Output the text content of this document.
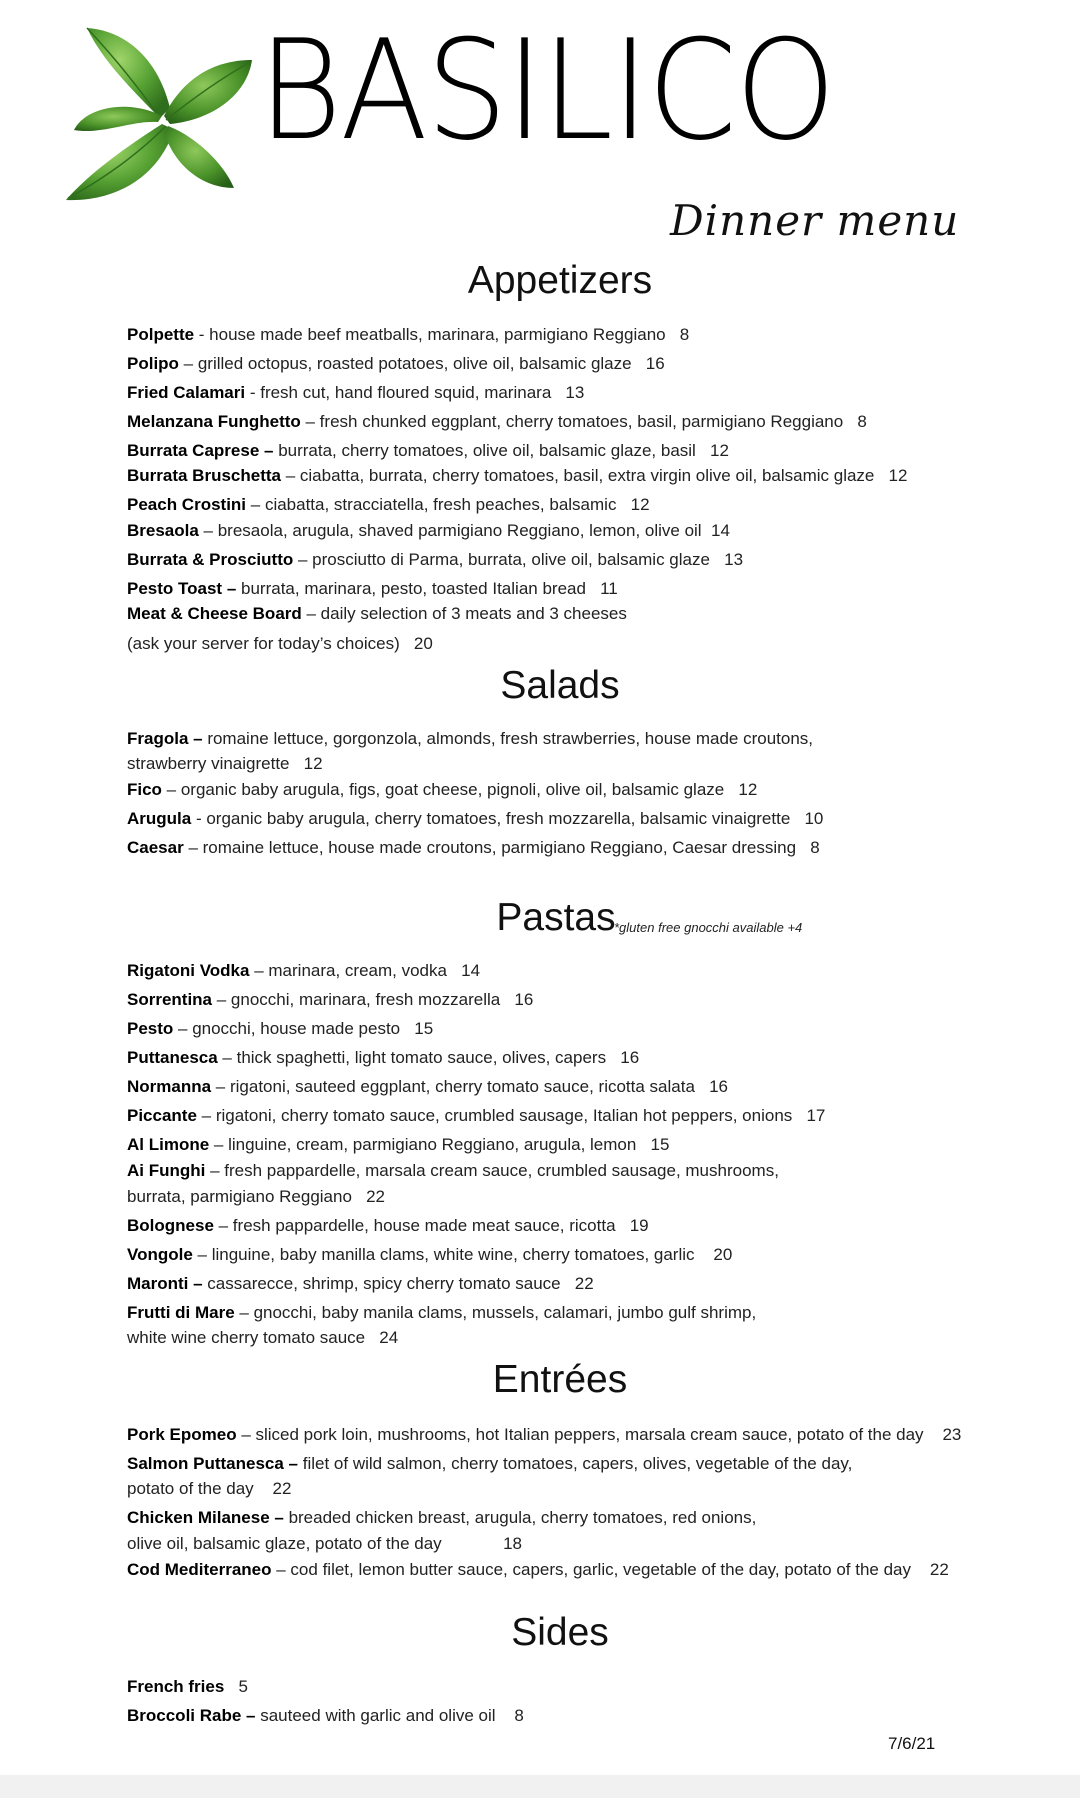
BASILICO
Dinner menu
Appetizers
Polpette - house made beef meatballs, marinara, parmigiano Reggiano   8
Polipo – grilled octopus, roasted potatoes, olive oil, balsamic glaze   16
Fried Calamari - fresh cut, hand floured squid, marinara   13
Melanzana Funghetto – fresh chunked eggplant, cherry tomatoes, basil, parmigiano Reggiano   8
Burrata Caprese – burrata, cherry tomatoes, olive oil, balsamic glaze, basil   12
Burrata Bruschetta – ciabatta, burrata, cherry tomatoes, basil, extra virgin olive oil, balsamic glaze   12
Peach Crostini – ciabatta, stracciatella, fresh peaches, balsamic   12
Bresaola – bresaola, arugula, shaved parmigiano Reggiano, lemon, olive oil  14
Burrata & Prosciutto – prosciutto di Parma, burrata, olive oil, balsamic glaze   13
Pesto Toast – burrata, marinara, pesto, toasted Italian bread   11
Meat & Cheese Board – daily selection of 3 meats and 3 cheeses
(ask your server for today’s choices)   20
Salads
Fragola – romaine lettuce, gorgonzola, almonds, fresh strawberries, house made croutons,
strawberry vinaigrette   12
Fico – organic baby arugula, figs, goat cheese, pignoli, olive oil, balsamic glaze   12
Arugula - organic baby arugula, cherry tomatoes, fresh mozzarella, balsamic vinaigrette   10
Caesar – romaine lettuce, house made croutons, parmigiano Reggiano, Caesar dressing   8
Pastas
*gluten free gnocchi available +4
Rigatoni Vodka – marinara, cream, vodka   14
Sorrentina – gnocchi, marinara, fresh mozzarella   16
Pesto – gnocchi, house made pesto   15
Puttanesca – thick spaghetti, light tomato sauce, olives, capers   16
Normanna – rigatoni, sauteed eggplant, cherry tomato sauce, ricotta salata   16
Piccante – rigatoni, cherry tomato sauce, crumbled sausage, Italian hot peppers, onions   17
Al Limone – linguine, cream, parmigiano Reggiano, arugula, lemon   15
Ai Funghi – fresh pappardelle, marsala cream sauce, crumbled sausage, mushrooms,
burrata, parmigiano Reggiano   22
Bolognese – fresh pappardelle, house made meat sauce, ricotta   19
Vongole – linguine, baby manilla clams, white wine, cherry tomatoes, garlic    20
Maronti – cassarecce, shrimp, spicy cherry tomato sauce   22
Frutti di Mare – gnocchi, baby manila clams, mussels, calamari, jumbo gulf shrimp,
white wine cherry tomato sauce   24
Entrées
Pork Epomeo – sliced pork loin, mushrooms, hot Italian peppers, marsala cream sauce, potato of the day    23
Salmon Puttanesca – filet of wild salmon, cherry tomatoes, capers, olives, vegetable of the day,
potato of the day    22
Chicken Milanese – breaded chicken breast, arugula, cherry tomatoes, red onions,
olive oil, balsamic glaze, potato of the day             18
Cod Mediterraneo – cod filet, lemon butter sauce, capers, garlic, vegetable of the day, potato of the day    22
Sides
French fries   5
Broccoli Rabe – sauteed with garlic and olive oil    8
7/6/21
